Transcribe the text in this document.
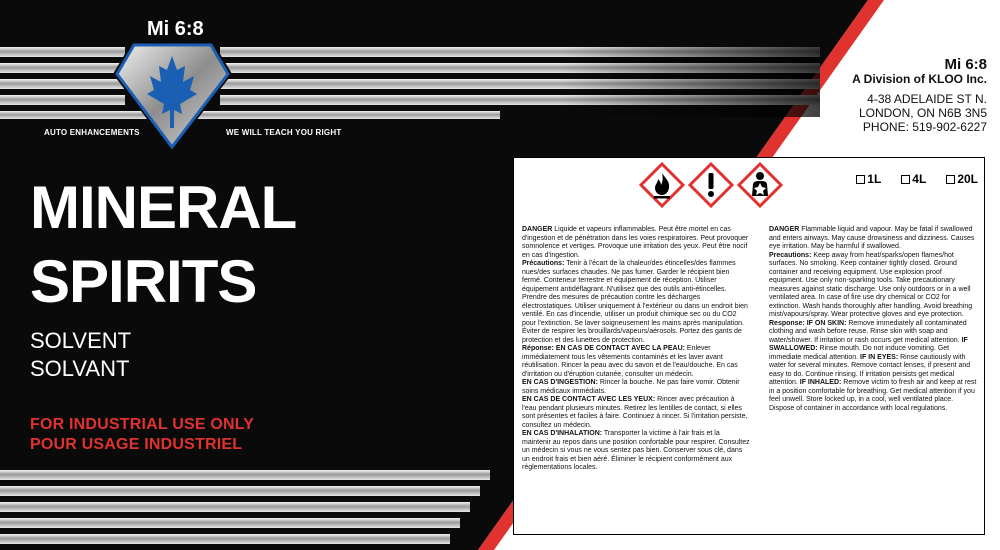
Mi 6:8
AUTO ENHANCEMENTS	WE WILL TEACH YOU RIGHT
MINERAL
SPIRITS
SOLVENT
SOLVANT
FOR INDUSTRIAL USE ONLY
POUR USAGE INDUSTRIEL
Mi 6:8
A Division of KLOO Inc.
4-38 ADELAIDE ST N.
LONDON, ON N6B 3N5
PHONE: 519-902-6227
1L	4L	20L

DANGER Liquide et vapeurs inflammables. Peut être mortel en cas d'ingestion et de pénétration dans les voies respiratoires. Peut provoquer somnolence et vertiges. Provoque une irritation des yeux. Peut être nocif en cas d'ingestion.

Précautions: Tenir à l'écart de la chaleur/des étincelles/des flammes nues/des surfaces chaudes. Ne pas fumer. Garder le récipient bien fermé. Conteneur terrestre et équipement de réception. Utiliser équipement antidéflagrant. N'utilisez que des outils anti-étincelles. Prendre des mesures de précaution contre les décharges électrostatiques. Utiliser uniquement à l'extérieur ou dans un endroit bien ventilé. En cas d'incendie, utiliser un produit chimique sec ou du CO2 pour l'extinction. Se laver soigneusement les mains après manipulation. Éviter de respirer les brouillards/vapeurs/aérosols. Portez des gants de protection et des lunettes de protection.

Réponse: EN CAS DE CONTACT AVEC LA PEAU: Enlever immédiatement tous les vêtements contaminés et les laver avant réutilisation. Rincer la peau avec du savon et de l'eau/douche. En cas d'irritation ou d'éruption cutanée, consulter un médecin.

EN CAS D'INGESTION: Rincer la bouche. Ne pas faire vomir. Obtenir soins médicaux immédiats.

EN CAS DE CONTACT AVEC LES YEUX: Rincer avec précaution à l'eau pendant plusieurs minutes. Retirez les lentilles de contact, si elles sont présentes et faciles à faire. Continuez à rincer. Si l'irritation persiste, consultez un médecin.

EN CAS D'INHALATION: Transporter la victime à l'air frais et la maintenir au repos dans une position confortable pour respirer. Consultez un médecin si vous ne vous sentez pas bien. Conserver sous clé, dans un endroit frais et bien aéré. Éliminer le récipient conformément aux réglementations locales.

DANGER Flammable liquid and vapour. May be fatal if swallowed and enters airways. May cause drowsiness and dizziness. Causes eye irritation. May be harmful if swallowed.

Precautions: Keep away from heat/sparks/open flames/hot surfaces. No smoking. Keep container tightly closed. Ground container and receiving equipment. Use explosion proof equipment. Use only non-sparking tools. Take precautionary measures against static discharge. Use only outdoors or in a well ventilated area. In case of fire use dry chemical or CO2 for extinction. Wash hands thoroughly after handling. Avoid breathing mist/vapours/spray. Wear protective gloves and eye protection.

Response: IF ON SKIN: Remove immediately all contaminated clothing and wash before reuse. Rinse skin with soap and water/shower. If irritation or rash occurs get medical attention. IF SWALLOWED: Rinse mouth. Do not induce vomiting. Get immediate medical attention. IF IN EYES: Rinse cautiously with water for several minutes. Remove contact lenses, if present and easy to do. Continue rinsing. If irritation persists get medical attention. IF INHALED: Remove victim to fresh air and keep at rest in a position comfortable for breathing. Get medical attention if you feel unwell. Store locked up, in a cool, well ventilated place. Dispose of container in accordance with local regulations.
